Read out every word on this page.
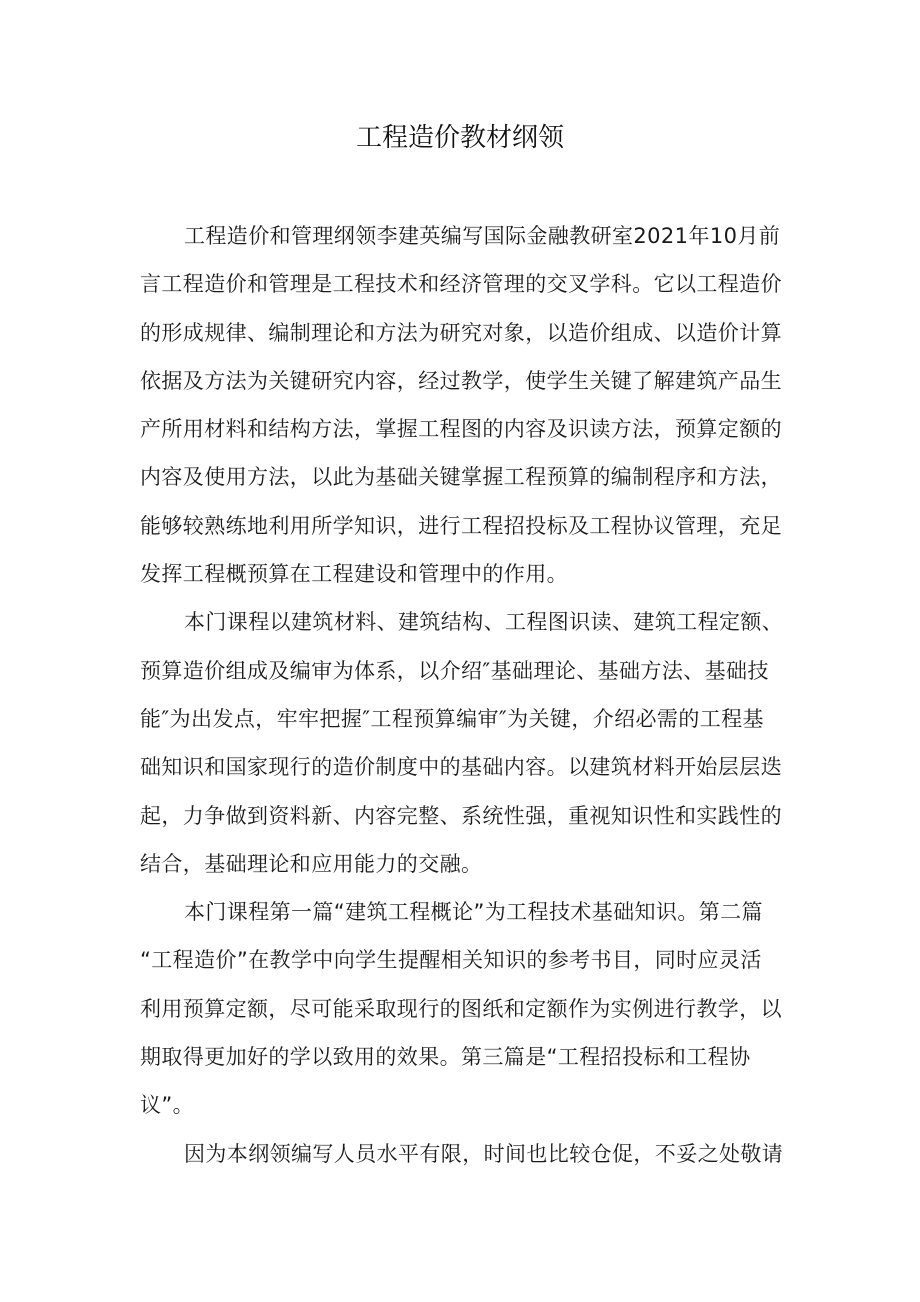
工程造价教材纲领
工程造价和管理纲领李建英编写国际金融教研室2021年10月前
言工程造价和管理是工程技术和经济管理的交叉学科。它以工程造价
的形成规律、编制理论和方法为研究对象，以造价组成、以造价计算
依据及方法为关键研究内容，经过教学，使学生关键了解建筑产品生
产所用材料和结构方法，掌握工程图的内容及识读方法，预算定额的
内容及使用方法，以此为基础关键掌握工程预算的编制程序和方法，
能够较熟练地利用所学知识，进行工程招投标及工程协议管理，充足
发挥工程概预算在工程建设和管理中的作用。
本门课程以建筑材料、建筑结构、工程图识读、建筑工程定额、
预算造价组成及编审为体系，以介绍″基础理论、基础方法、基础技
能″为出发点，牢牢把握″工程预算编审″为关键，介绍必需的工程基
础知识和国家现行的造价制度中的基础内容。以建筑材料开始层层迭
起，力争做到资料新、内容完整、系统性强，重视知识性和实践性的
结合，基础理论和应用能力的交融。
本门课程第一篇“建筑工程概论”为工程技术基础知识。第二篇
“工程造价”在教学中向学生提醒相关知识的参考书目，同时应灵活
利用预算定额，尽可能采取现行的图纸和定额作为实例进行教学，以
期取得更加好的学以致用的效果。第三篇是“工程招投标和工程协
议”。
因为本纲领编写人员水平有限，时间也比较仓促，不妥之处敬请
